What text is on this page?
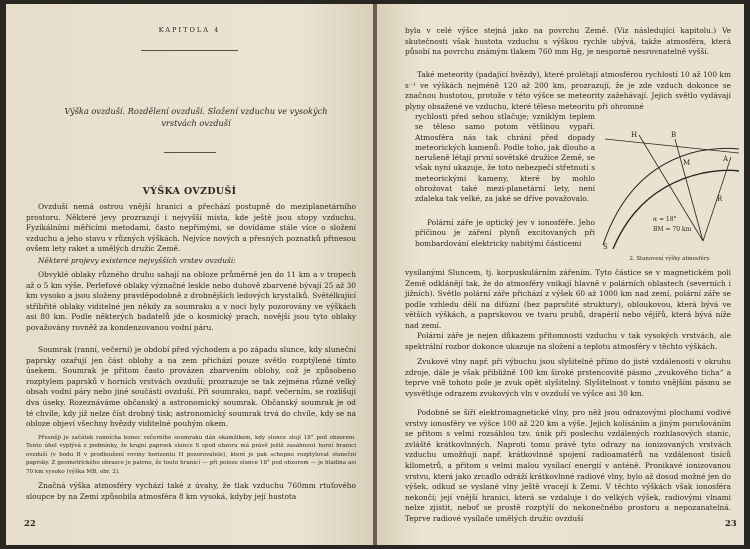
KAPITOLA 4
Výška ovzduší. Rozdělení ovzduší. Složení vzduchu ve vysokých vrstvách ovzduší
VÝŠKA OVZDUŠÍ
Ovzduší nemá ostrou vnější hranici a přechází postupně do meziplanetárního prostoru. Některé jevy prozrazují i nejvyšší místa, kde ještě jsou stopy vzduchu. Fyzikálními měřicími metodami, často nepřímými, se dovídáme stále více o složení vzduchu a jeho stavu v různých výškách. Nejvíce nových a přesných poznatků přinesou ovšem lety raket a umělých družic Země.
Některé projevy existence nejvyšších vrstev ovzduší:
Obvyklé oblaky různého druhu sahají na obloze průměrně jen do 11 km a v tropech až o 5 km výše. Perleťové oblaky význačné leskle nebo duhově zbarvené bývají 25 až 30 km vysoko a jsou složeny pravděpodobně z drobnějších ledových krystalků. Světélkující stříbřité oblaky viditelné jen někdy za soumraku a v noci byly pozorovány ve výškách asi 80 km. Podle některých badatelů jde o kosmický prach, novější jsou tyto oblaky považovány rovněž za kondenzovanou vodní páru.
Soumrak (ranní, večerní) je období před východem a po západu slunce, kdy sluneční paprsky ozařují jen část oblohy a na zem přichází pouze světlo rozptýlené tímto úsekem. Soumrak je přitom často provázen zbarvením oblohy, což je způsobeno rozptylem paprsků v horních vrstvách ovzduší; prozrazuje se tak zejména různé velký obsah vodní páry nebo jiné součásti ovzduší. Při soumraku, např. večerním, se rozlišují dva úseky. Rozeznáváme občanský a astronomický soumrak. Občanský soumrak je od té chvíle, kdy již nelze číst drobný tisk; astronomický soumrak trvá do chvíle, kdy se na obloze objeví všechny hvězdy viditelné pouhým okem.
Přesněji je začátek rannícha konec večerního soumraku dán okamžikem, kdy slunce stojí 18° pod obzorem. Tento úhel vyplývá z podmínky, že krajní paprsek slunce S spod obzoru má právě ještě zasáhnout horní hranici ovzduší (v bodu B v prodloužení roviny horizontu H pozorovatele), které je pak schopno rozptylovat sluneční paprsky. Z geometrického obrazce je patrno, že touto hranicí — při poloze slunce 18° pod obzorem — je hladina asi 70 km vysoko (výška MB, obr. 2).
Značná výška atmosféry vychází také z úvahy, že tlak vzduchu 760mm rtuťového sloupce by na Zemi způsobila atmosféra 8 km vysoká, kdyby její hustota
22
byla v celé výšce stejná jako na povrchu Země. (Viz následující kapitolu.) Ve skutečnosti však hustota vzduchu s výškou rychle ubývá, takže atmosféra, která působí na povrchu známým tlakem 760 mm Hg, je nesporně nesrovnatelně vyšší.
Také meteority (padající hvězdy), které prolétají atmosférou rychlostí 10 až 100 km s⁻¹ ve výškách nejméně 120 až 200 km, prozrazují, že je zde vzduch dokonce se značnou hustotou, protože v této výšce se meteority zažehávají. Jejich světlo vydávají plyny obsažené ve vzduchu, které těleso meteoritu při ohromné
rychlosti před sebou stlačuje; vzniklým teplem se těleso samo potom většinou vypaří. Atmosféra nás tak chrání před dopady meteorických kamenů. Podle toho, jak dlouho a nerušeně létají první sovětské družice Země, se však nyní ukazuje, že toto nebezpečí střetnutí s meteorickými kameny, které by mohlo ohrožovat také mezi-planetární lety, není zdaleka tak velké, za jaké se dříve považovalo.
Polární záře je optický jev v ionosféře. Jeho příčinou je záření plynů excitovaných při bombardování elektricky nabitými částicemi
vysílanými Sluncem, tj. korpuskulárním zářením. Tyto částice se v magnetickém poli Země odklánějí tak, že do atmosféry vnikají hlavně v polárních oblastech (severních i jižních). Světlo polární záře přichází z výšek 60 až 1000 km nad zemí, polární záře se podle vzhledu dělí na difúzní (bez paprsčité struktury), obloukovou, která bývá ve větších výškách, a paprskovou ve tvaru pruhů, drapérií nebo vějířů, která bývá níže nad zemí.
Polární záře je nejen důkazem přítomnosti vzduchu v tak vysokých vrstvách, ale spektrální rozbor dokonce ukazuje na složení a teplotu atmosféry v těchto výškách.
Zvukové vlny např. při výbuchu jsou slyšitelné přímo do jisté vzdálenosti v okruhu zdroje, dále je však přibližně 100 km široké prstencovité pásmo „zvukového ticha“ a teprve vně tohoto pole je zvuk opět slyšitelný. Slyšitelnost v tomto vnějším pásmu se vysvětluje odrazem zvukových vln v ovzduší ve výšce asi 30 km.
Podobně se šíří elektromagnetické vlny, pro něž jsou odrazovými plochami vodivé vrstvy ionosféry ve výšce 100 až 220 km a výše. Jejich kolísáním a jiným porušováním se přitom s velmi rozsáhlou tzv. únik při poslechu vzdálených rozhlasových stanic, zvláště krátkovlnných. Naproti tomu právě tyto odrazy na ionizovaných vrstvách vzduchu umožňují např. krátkovlnné spojení radioamatérů na vzdálenost tisíců kilometrů, a přitom s velmi malou vysílací energií v anténě. Pronikavé ionizovanou vrstvu, která jako zrcadlo odráží krátkovlnné radiové vlny, bylo až dosud možné jen do výšek, odkud se vyslané vlny ještě vracejí k Zemi. V těchto výškách však ionosféra nekončí; její vnější hranici, která se vzdaluje i do velkých výšek, radiovými vlnami nelze zjistit, neboť se prostě rozptýlí do nekonečného prostoru a nepozanatelná. Teprve radiové vysílače umělých družic ovzduší	23
H	B
M	A
R
S
α = 18°
BM = 70 km
2. Stanovení výšky atmosféry.
